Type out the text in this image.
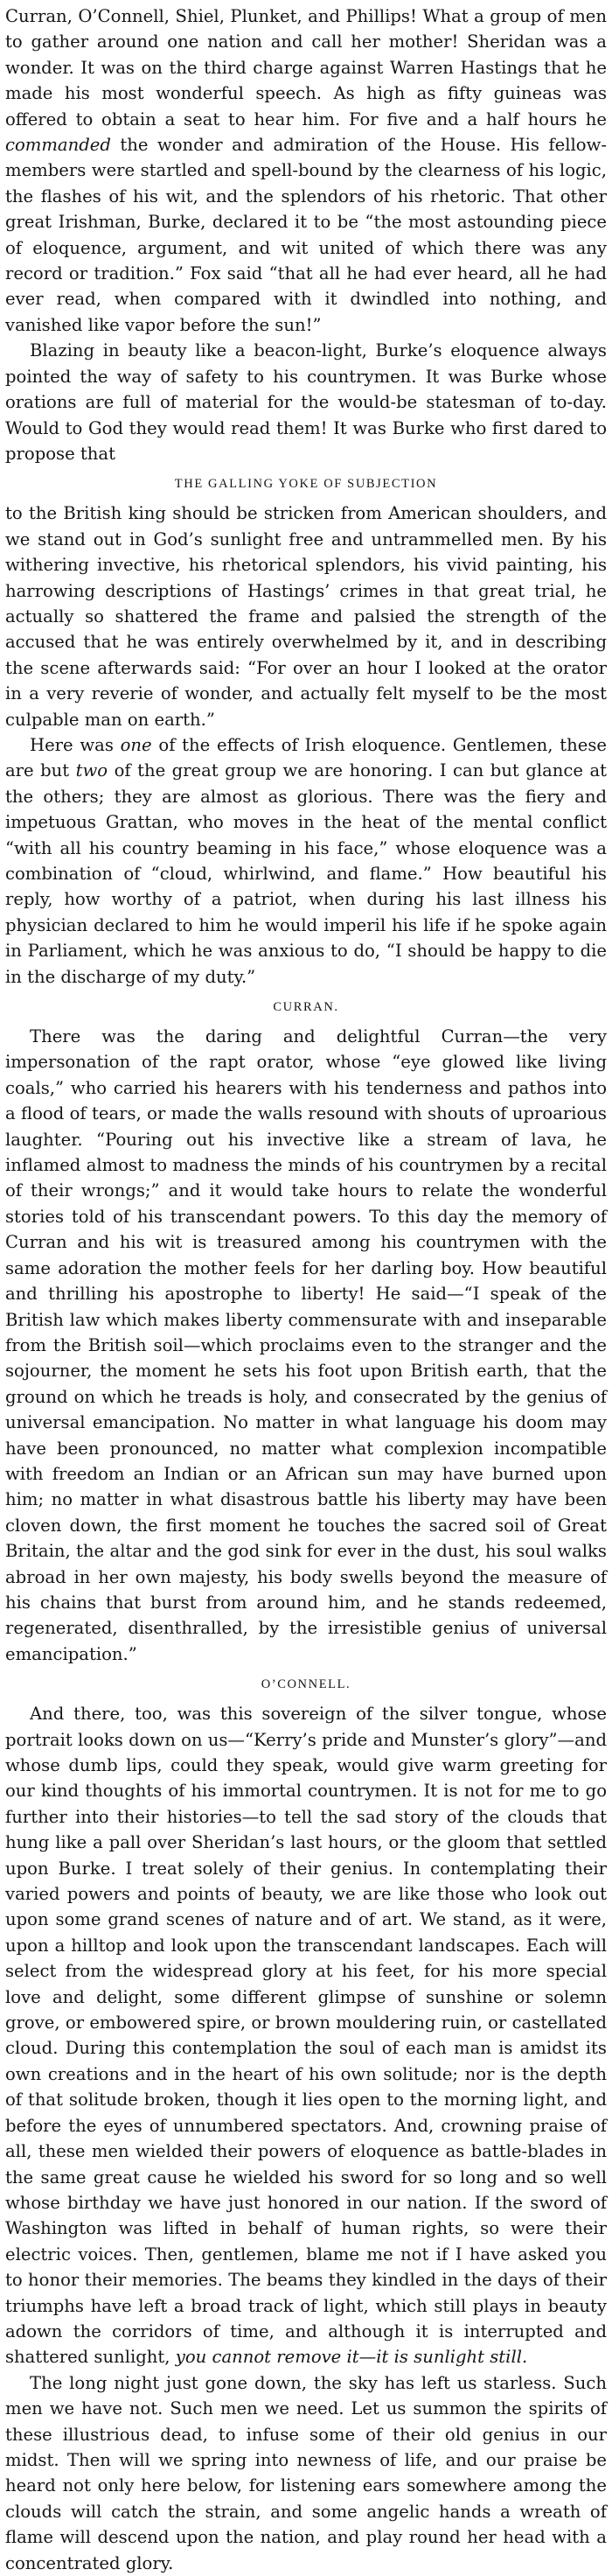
Curran, O’Connell, Shiel, Plunket, and Phillips! What a group of men to gather around one nation and call her mother! Sheridan was a wonder. It was on the third charge against Warren Hastings that he made his most wonderful speech. As high as fifty guineas was offered to obtain a seat to hear him. For five and a half hours he commanded the wonder and admiration of the House. His fellow-members were startled and spell-bound by the clearness of his logic, the flashes of his wit, and the splendors of his rhetoric. That other great Irishman, Burke, declared it to be “the most astounding piece of eloquence, argument, and wit united of which there was any record or tradition.” Fox said “that all he had ever heard, all he had ever read, when compared with it dwindled into nothing, and vanished like vapor before the sun!”

Blazing in beauty like a beacon-light, Burke’s eloquence always pointed the way of safety to his countrymen. It was Burke whose orations are full of material for the would-be statesman of to-day. Would to God they would read them! It was Burke who first dared to propose that

THE GALLING YOKE OF SUBJECTION

to the British king should be stricken from American shoulders, and we stand out in God’s sunlight free and untrammelled men. By his withering invective, his rhetorical splendors, his vivid painting, his harrowing descriptions of Hastings’ crimes in that great trial, he actually so shattered the frame and palsied the strength of the accused that he was entirely overwhelmed by it, and in describing the scene afterwards said: “For over an hour I looked at the orator in a very reverie of wonder, and actually felt myself to be the most culpable man on earth.”

Here was one of the effects of Irish eloquence. Gentlemen, these are but two of the great group we are honoring. I can but glance at the others; they are almost as glorious. There was the fiery and impetuous Grattan, who moves in the heat of the mental conflict “with all his country beaming in his face,” whose eloquence was a combination of “cloud, whirlwind, and flame.” How beautiful his reply, how worthy of a patriot, when during his last illness his physician declared to him he would imperil his life if he spoke again in Parliament, which he was anxious to do, “I should be happy to die in the discharge of my duty.”

CURRAN.

There was the daring and delightful Curran—the very impersonation of the rapt orator, whose “eye glowed like living coals,” who carried his hearers with his tenderness and pathos into a flood of tears, or made the walls resound with shouts of uproarious laughter. “Pouring out his invective like a stream of lava, he inflamed almost to madness the minds of his countrymen by a recital of their wrongs;” and it would take hours to relate the wonderful stories told of his transcendant powers. To this day the memory of Curran and his wit is treasured among his countrymen with the same adoration the mother feels for her darling boy. How beautiful and thrilling his apostrophe to liberty! He said—“I speak of the British law which makes liberty commensurate with and inseparable from the British soil—which proclaims even to the stranger and the sojourner, the moment he sets his foot upon British earth, that the ground on which he treads is holy, and consecrated by the genius of universal emancipation. No matter in what language his doom may have been pronounced, no matter what complexion incompatible with freedom an Indian or an African sun may have burned upon him; no matter in what disastrous battle his liberty may have been cloven down, the first moment he touches the sacred soil of Great Britain, the altar and the god sink for ever in the dust, his soul walks abroad in her own majesty, his body swells beyond the measure of his chains that burst from around him, and he stands redeemed, regenerated, disenthralled, by the irresistible genius of universal emancipation.”

O’CONNELL.

And there, too, was this sovereign of the silver tongue, whose portrait looks down on us—“Kerry’s pride and Munster’s glory”—and whose dumb lips, could they speak, would give warm greeting for our kind thoughts of his immortal countrymen. It is not for me to go further into their histories—to tell the sad story of the clouds that hung like a pall over Sheridan’s last hours, or the gloom that settled upon Burke. I treat solely of their genius. In contemplating their varied powers and points of beauty, we are like those who look out upon some grand scenes of nature and of art. We stand, as it were, upon a hilltop and look upon the transcendant landscapes. Each will select from the widespread glory at his feet, for his more special love and delight, some different glimpse of sunshine or solemn grove, or embowered spire, or brown mouldering ruin, or castellated cloud. During this contemplation the soul of each man is amidst its own creations and in the heart of his own solitude; nor is the depth of that solitude broken, though it lies open to the morning light, and before the eyes of unnumbered spectators. And, crowning praise of all, these men wielded their powers of eloquence as battle-blades in the same great cause he wielded his sword for so long and so well whose birthday we have just honored in our nation. If the sword of Washington was lifted in behalf of human rights, so were their electric voices. Then, gentlemen, blame me not if I have asked you to honor their memories. The beams they kindled in the days of their triumphs have left a broad track of light, which still plays in beauty adown the corridors of time, and although it is interrupted and shattered sunlight, you cannot remove it—it is sunlight still.

The long night just gone down, the sky has left us starless. Such men we have not. Such men we need. Let us summon the spirits of these illustrious dead, to infuse some of their old genius in our midst. Then will we spring into newness of life, and our praise be heard not only here below, for listening ears somewhere among the clouds will catch the strain, and some angelic hands a wreath of flame will descend upon the nation, and play round her head with a concentrated glory.
